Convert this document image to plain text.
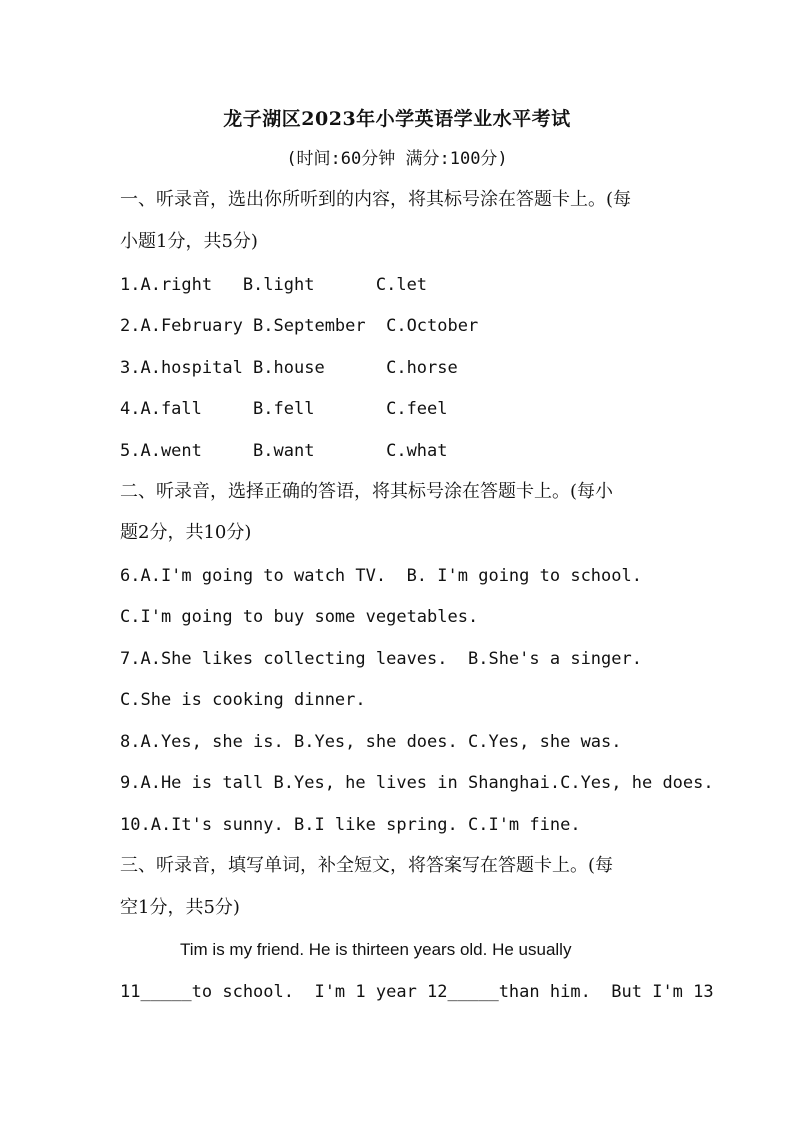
龙子湖区2023年小学英语学业水平考试
(时间:60分钟 满分:100分)
一、听录音，选出你所听到的内容，将其标号涂在答题卡上。(每
小题1分，共5分)
1.A.right   B.light      C.let
2.A.February B.September  C.October
3.A.hospital B.house      C.horse
4.A.fall     B.fell       C.feel
5.A.went     B.want       C.what
二、听录音，选择正确的答语，将其标号涂在答题卡上。(每小
题2分，共10分)
6.A.I'm going to watch TV.  B. I'm going to school.
C.I'm going to buy some vegetables.
7.A.She likes collecting leaves.  B.She's a singer.
C.She is cooking dinner.
8.A.Yes, she is. B.Yes, she does. C.Yes, she was.
9.A.He is tall B.Yes, he lives in Shanghai.C.Yes, he does.
10.A.It's sunny. B.I like spring. C.I'm fine.
三、听录音，填写单词，补全短文，将答案写在答题卡上。(每
空1分，共5分)
Tim is my friend. He is thirteen years old. He usually
11_____to school.  I'm 1 year 12_____than him.  But I'm 13
